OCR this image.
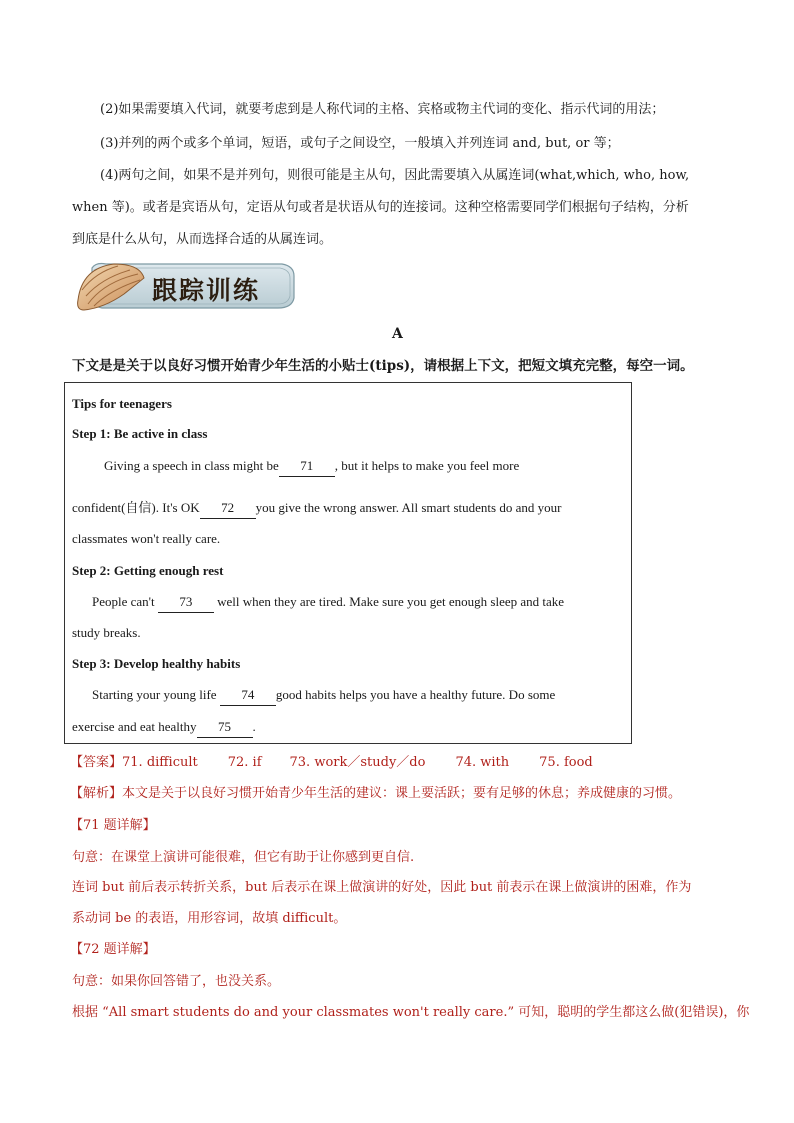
(2)如果需要填入代词，就要考虑到是人称代词的主格、宾格或物主代词的变化、指示代词的用法；
(3)并列的两个或多个单词，短语，或句子之间设空，一般填入并列连词 and, but, or 等；
(4)两句之间，如果不是并列句，则很可能是主从句，因此需要填入从属连词(what,which, who, how,
when 等)。或者是宾语从句，定语从句或者是状语从句的连接词。这种空格需要同学们根据句子结构，分析
到底是什么从句，从而选择合适的从属连词。
跟踪训练
A
下文是是关于以良好习惯开始青少年生活的小贴士(tips)，请根据上下文，把短文填充完整，每空一词。
Tips for teenagers
Step 1: Be active in class
Giving a speech in class might be 71 , but it helps to make you feel more
confident(自信). It's OK 72 you give the wrong answer. All smart students do and your
classmates won't really care.
Step 2: Getting enough rest
People can't 73 well when they are tired. Make sure you get enough sleep and take
study breaks.
Step 3: Develop healthy habits
Starting your young life 74 good habits helps you have a healthy future. Do some
exercise and eat healthy 75 .
【答案】71. difficult 72. if 73. work／study／do 74. with 75. food
【解析】本文是关于以良好习惯开始青少年生活的建议：课上要活跃；要有足够的休息；养成健康的习惯。
【71 题详解】
句意：在课堂上演讲可能很难，但它有助于让你感到更自信.
连词 but 前后表示转折关系，but 后表示在课上做演讲的好处，因此 but 前表示在课上做演讲的困难，作为
系动词 be 的表语，用形容词，故填 difficult。
【72 题详解】
句意：如果你回答错了，也没关系。
根据 “All smart students do and your classmates won't really care.” 可知，聪明的学生都这么做(犯错误)，你
